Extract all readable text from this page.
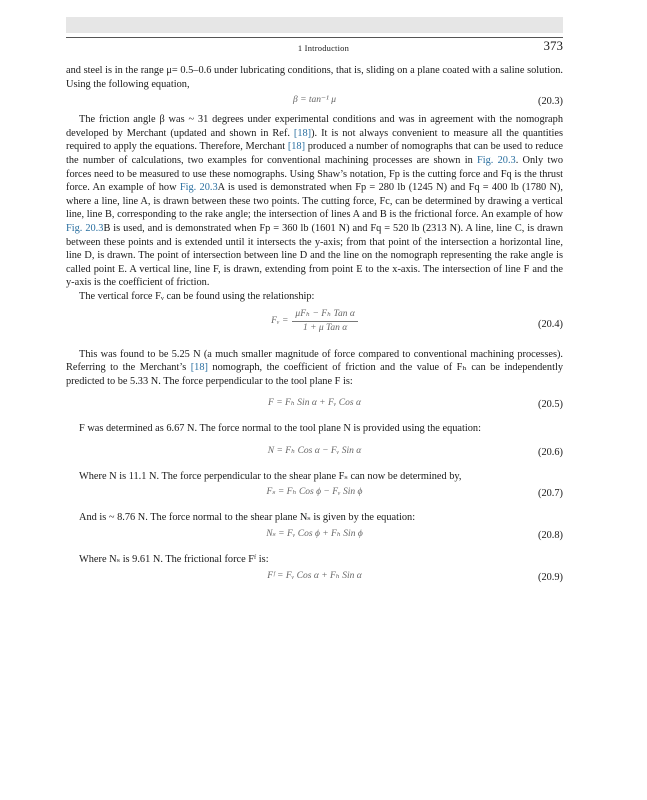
1 Introduction	373

and steel is in the range μ= 0.5–0.6 under lubricating conditions, that is, sliding on a plane coated with a saline solution. Using the following equation,

β = tan⁻¹ μ	(20.3)

The friction angle β was ~ 31 degrees under experimental conditions and was in agreement with the nomograph developed by Merchant (updated and shown in Ref. [18]). It is not always convenient to measure all the quantities required to apply the equations. Therefore, Merchant [18] produced a number of nomographs that can be used to reduce the number of calculations, two examples for conventional machining processes are shown in Fig. 20.3. Only two forces need to be measured to use these nomographs. Using Shaw’s notation, Fp is the cutting force and Fq is the thrust force. An example of how Fig. 20.3A is used is demonstrated when Fp = 280 lb (1245 N) and Fq = 400 lb (1780 N), where a line, line A, is drawn between these two points. The cutting force, Fc, can be determined by drawing a vertical line, line B, corresponding to the rake angle; the intersection of lines A and B is the frictional force. An example of how Fig. 20.3B is used, and is demonstrated when Fp = 360 lb (1601 N) and Fq = 520 lb (2313 N). A line, line C, is drawn between these points and is extended until it intersects the y-axis; from that point of the intersection a horizontal line, line D, is drawn. The point of intersection between line D and the line on the nomograph representing the rake angle is called point E. A vertical line, line F, is drawn, extending from point E to the x-axis. The intersection of line F and the y-axis is the coefficient of friction.

The vertical force Fᵥ can be found using the relationship:

Fᵥ = $\frac{\text{μFₕ − Fₕ Tan α}}{\text{1 + μ Tan α}}$	(20.4)

This was found to be 5.25 N (a much smaller magnitude of force compared to conventional machining processes). Referring to the Merchant’s [18] nomograph, the coefficient of friction and the value of Fₕ can be independently predicted to be 5.33 N. The force perpendicular to the tool plane F is:

F = Fₕ Sin α + Fᵥ Cos α	(20.5)

F was determined as 6.67 N. The force normal to the tool plane N is provided using the equation:

N = Fₕ Cos α − Fᵥ Sin α	(20.6)

Where N is 11.1 N. The force perpendicular to the shear plane Fₛ can now be determined by,

Fₛ = Fₕ Cos ϕ − Fᵥ Sin ϕ	(20.7)

And is ~ 8.76 N. The force normal to the shear plane Nₛ is given by the equation:

Nₛ = Fᵥ Cos ϕ + Fₕ Sin ϕ	(20.8)

Where Nₛ is 9.61 N. The frictional force Fᶠ is:

Fᶠ = Fᵥ Cos α + Fₕ Sin α	(20.9)
